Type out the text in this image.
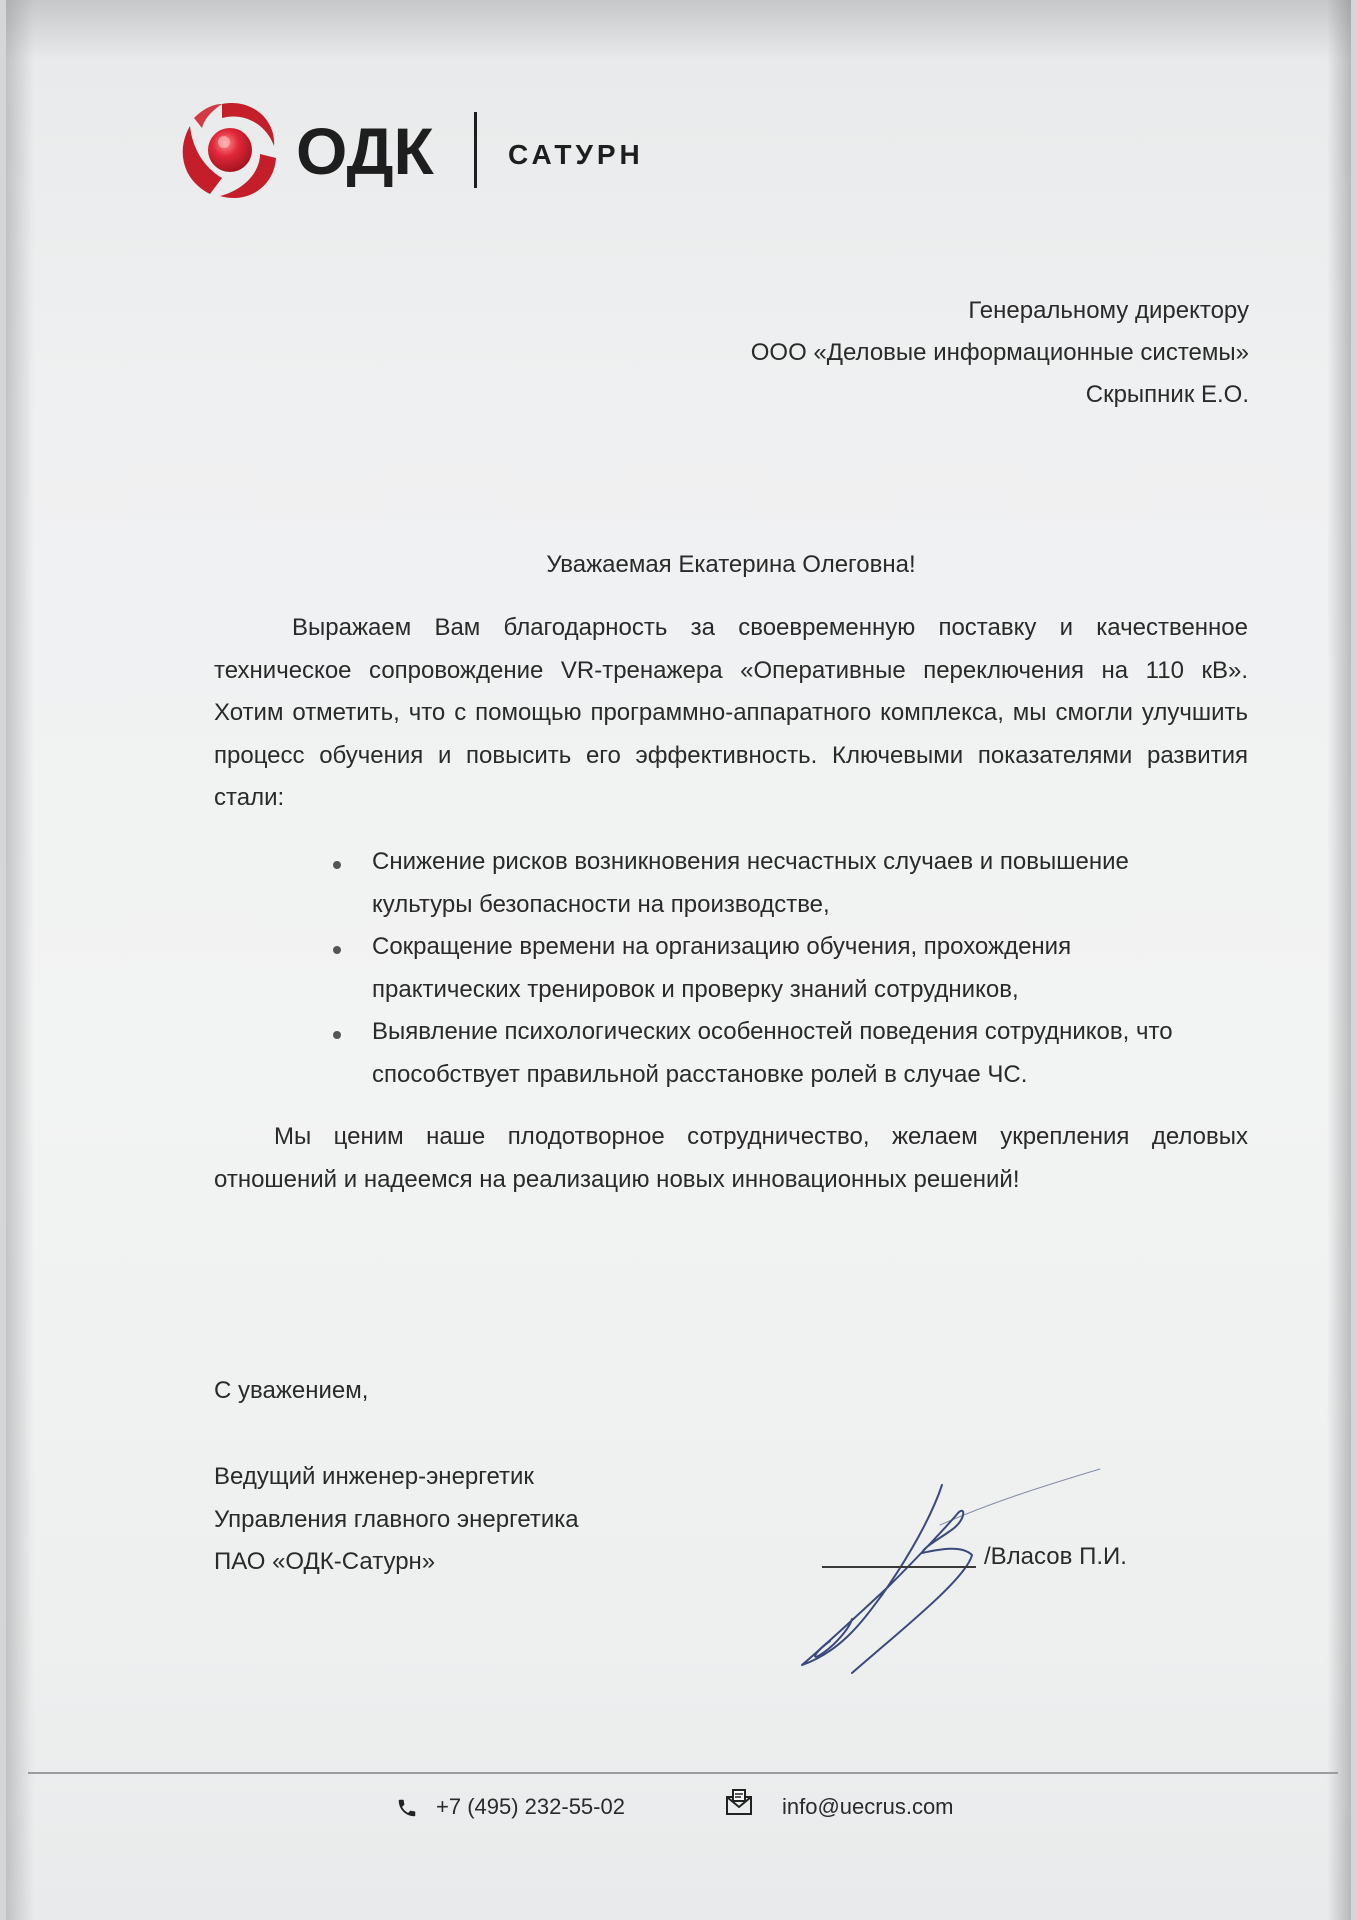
ОДК	САТУРН
Генеральному директору
ООО «Деловые информационные системы»
Скрыпник Е.О.
Уважаемая Екатерина Олеговна!

Выражаем Вам благодарность за своевременную поставку и качественное техническое сопровождение VR-тренажера «Оперативные переключения на 110 кВ». Хотим отметить, что с помощью программно-аппаратного комплекса, мы смогли улучшить процесс обучения и повысить его эффективность. Ключевыми показателями развития стали:

Снижение рисков возникновения несчастных случаев и повышение культуры безопасности на производстве,
Сокращение времени на организацию обучения, прохождения практических тренировок и проверку знаний сотрудников,
Выявление психологических особенностей поведения сотрудников, что способствует правильной расстановке ролей в случае ЧС.

Мы ценим наше плодотворное сотрудничество, желаем укрепления деловых отношений и надеемся на реализацию новых инновационных решений!

С уважением,
Ведущий инженер-энергетик
Управления главного энергетика
ПАО «ОДК-Сатурн»	/Власов П.И.
+7 (495) 232-55-02	info@uecrus.com
